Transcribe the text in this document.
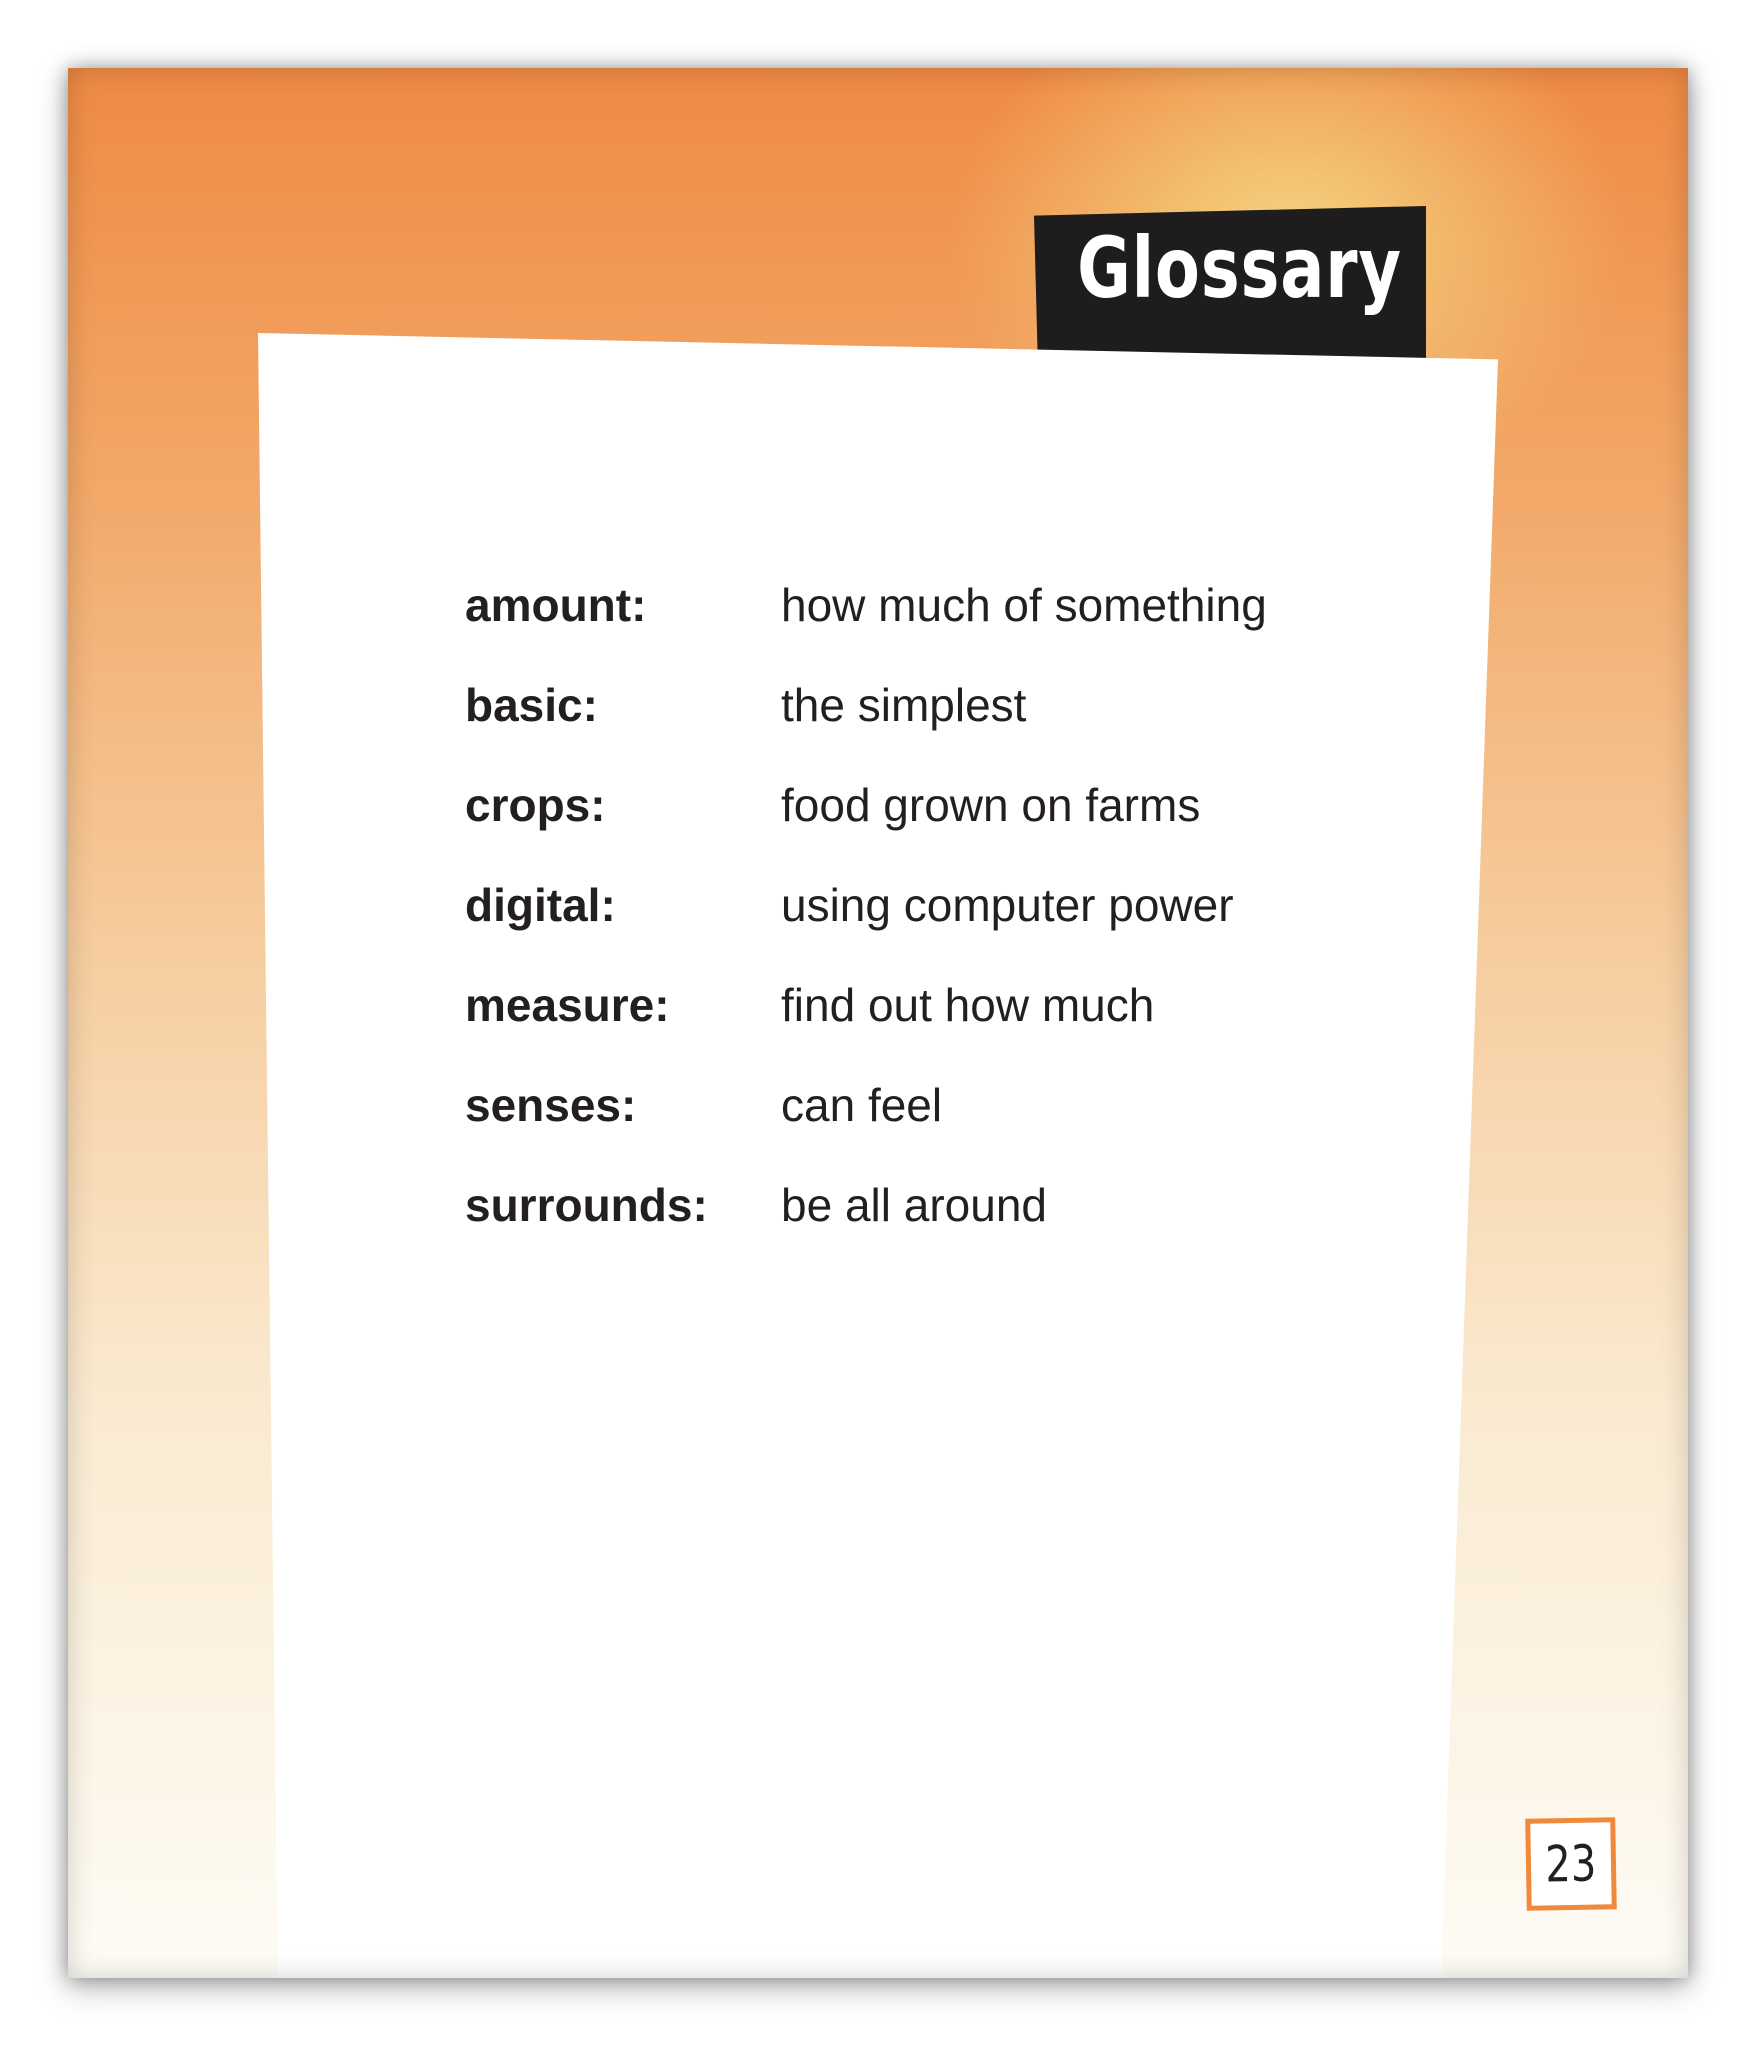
Glossary
amount:	how much of something
basic:	the simplest
crops:	food grown on farms
digital:	using computer power
measure:	find out how much
senses:	can feel
surrounds:	be all around
23
